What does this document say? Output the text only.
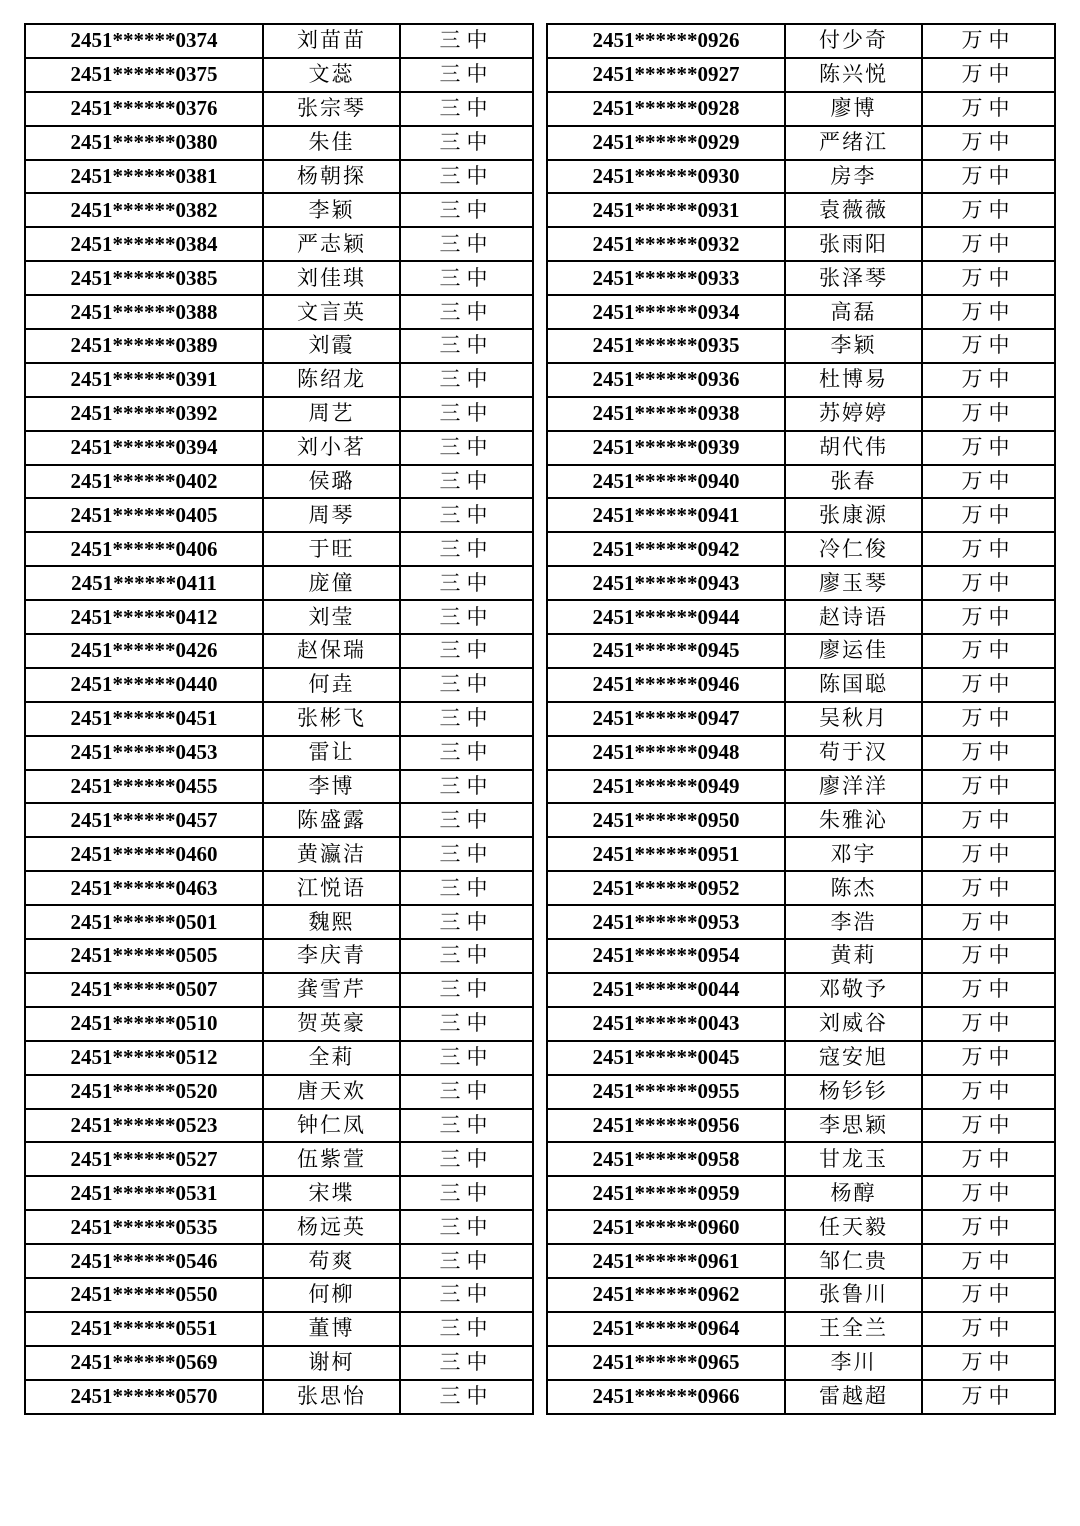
2451******0374	刘苗苗	三中
2451******0375	文蕊	三中
2451******0376	张宗琴	三中
2451******0380	朱佳	三中
2451******0381	杨朝探	三中
2451******0382	李颖	三中
2451******0384	严志颖	三中
2451******0385	刘佳琪	三中
2451******0388	文言英	三中
2451******0389	刘霞	三中
2451******0391	陈绍龙	三中
2451******0392	周艺	三中
2451******0394	刘小茗	三中
2451******0402	侯璐	三中
2451******0405	周琴	三中
2451******0406	于旺	三中
2451******0411	庞僮	三中
2451******0412	刘莹	三中
2451******0426	赵保瑞	三中
2451******0440	何垚	三中
2451******0451	张彬飞	三中
2451******0453	雷让	三中
2451******0455	李博	三中
2451******0457	陈盛露	三中
2451******0460	黄瀛洁	三中
2451******0463	江悦语	三中
2451******0501	魏熙	三中
2451******0505	李庆青	三中
2451******0507	龚雪芹	三中
2451******0510	贺英豪	三中
2451******0512	全莉	三中
2451******0520	唐天欢	三中
2451******0523	钟仁凤	三中
2451******0527	伍紫萱	三中
2451******0531	宋堞	三中
2451******0535	杨远英	三中
2451******0546	苟爽	三中
2451******0550	何柳	三中
2451******0551	董博	三中
2451******0569	谢柯	三中
2451******0570	张思怡	三中
2451******0926	付少奇	万中
2451******0927	陈兴悦	万中
2451******0928	廖博	万中
2451******0929	严绪江	万中
2451******0930	房李	万中
2451******0931	袁薇薇	万中
2451******0932	张雨阳	万中
2451******0933	张泽琴	万中
2451******0934	高磊	万中
2451******0935	李颖	万中
2451******0936	杜博易	万中
2451******0938	苏婷婷	万中
2451******0939	胡代伟	万中
2451******0940	张春	万中
2451******0941	张康源	万中
2451******0942	冷仁俊	万中
2451******0943	廖玉琴	万中
2451******0944	赵诗语	万中
2451******0945	廖运佳	万中
2451******0946	陈国聪	万中
2451******0947	吴秋月	万中
2451******0948	苟于汉	万中
2451******0949	廖洋洋	万中
2451******0950	朱雅沁	万中
2451******0951	邓宇	万中
2451******0952	陈杰	万中
2451******0953	李浩	万中
2451******0954	黄莉	万中
2451******0044	邓敬予	万中
2451******0043	刘威谷	万中
2451******0045	寇安旭	万中
2451******0955	杨钐钐	万中
2451******0956	李思颖	万中
2451******0958	甘龙玉	万中
2451******0959	杨醇	万中
2451******0960	任天毅	万中
2451******0961	邹仁贵	万中
2451******0962	张鲁川	万中
2451******0964	王全兰	万中
2451******0965	李川	万中
2451******0966	雷越超	万中
